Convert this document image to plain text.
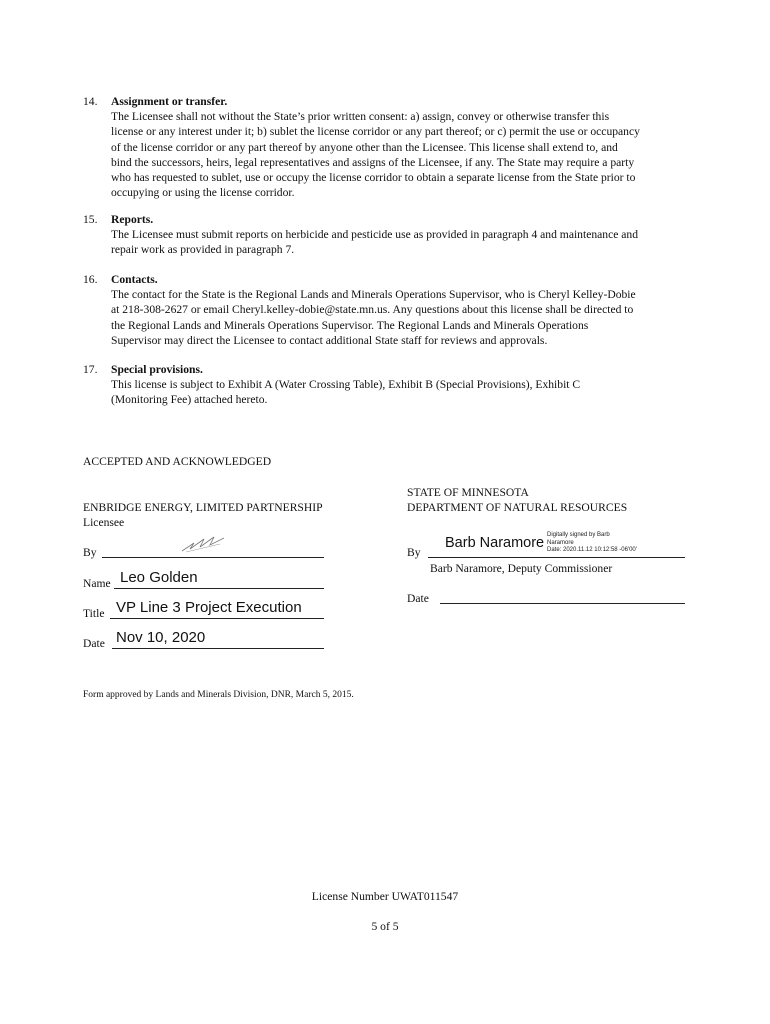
14. Assignment or transfer.
The Licensee shall not without the State’s prior written consent: a) assign, convey or otherwise transfer this
license or any interest under it; b) sublet the license corridor or any part thereof; or c) permit the use or occupancy
of the license corridor or any part thereof by anyone other than the Licensee. This license shall extend to, and
bind the successors, heirs, legal representatives and assigns of the Licensee, if any. The State may require a party
who has requested to sublet, use or occupy the license corridor to obtain a separate license from the State prior to
occupying or using the license corridor.
15. Reports.
The Licensee must submit reports on herbicide and pesticide use as provided in paragraph 4 and maintenance and
repair work as provided in paragraph 7.
16. Contacts.
The contact for the State is the Regional Lands and Minerals Operations Supervisor, who is Cheryl Kelley-Dobie
at 218-308-2627 or email Cheryl.kelley-dobie@state.mn.us. Any questions about this license shall be directed to
the Regional Lands and Minerals Operations Supervisor. The Regional Lands and Minerals Operations
Supervisor may direct the Licensee to contact additional State staff for reviews and approvals.
17. Special provisions.
This license is subject to Exhibit A (Water Crossing Table), Exhibit B (Special Provisions), Exhibit C
(Monitoring Fee) attached hereto.
ACCEPTED AND ACKNOWLEDGED
ENBRIDGE ENERGY, LIMITED PARTNERSHIP
Licensee
By
Name Leo Golden
Title VP Line 3 Project Execution
Date Nov 10, 2020
STATE OF MINNESOTA
DEPARTMENT OF NATURAL RESOURCES
By
Barb Naramore Digitally signed by Barb
Naramore
Date: 2020.11.12 10:12:58 -06'00'
Barb Naramore, Deputy Commissioner
Date
Form approved by Lands and Minerals Division, DNR, March 5, 2015.
License Number UWAT011547
5 of 5
